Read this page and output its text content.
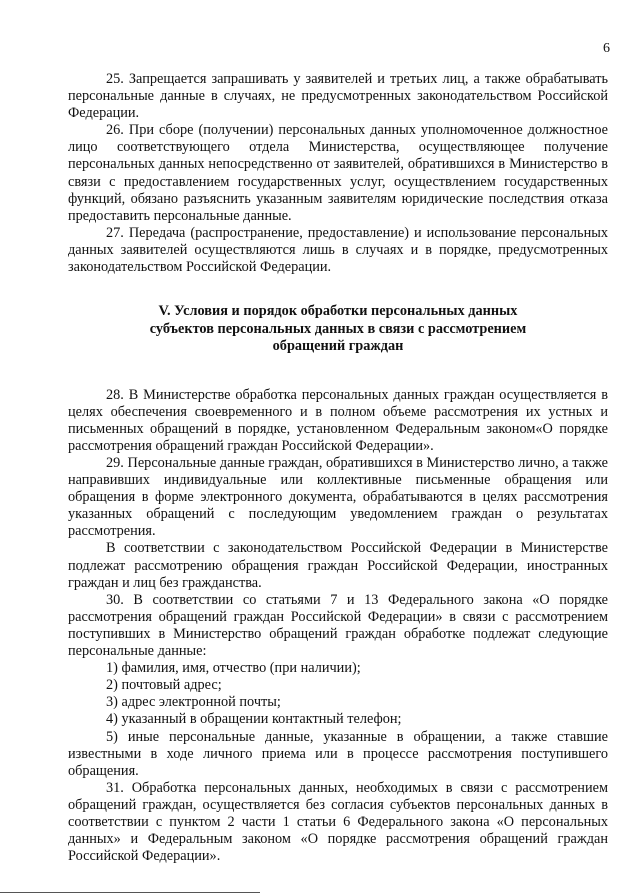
6

25. Запрещается запрашивать у заявителей и третьих лиц, а также обрабатывать персональные данные в случаях, не предусмотренных законодательством Российской Федерации.

26. При сборе (получении) персональных данных уполномоченное должностное лицо соответствующего отдела Министерства, осуществляющее получение персональных данных непосредственно от заявителей, обратившихся в Министерство в связи с предоставлением государственных услуг, осуществлением государственных функций, обязано разъяснить указанным заявителям юридические последствия отказа предоставить персональные данные.

27. Передача (распространение, предоставление) и использование персональных данных заявителей осуществляются лишь в случаях и в порядке, предусмотренных законодательством Российской Федерации.

V. Условия и порядок обработки персональных данных
субъектов персональных данных в связи с рассмотрением
обращений граждан

28. В Министерстве обработка персональных данных граждан осуществляется в целях обеспечения своевременного и в полном объеме рассмотрения их устных и письменных обращений в порядке, установленном Федеральным законом«О порядке рассмотрения обращений граждан Российской Федерации».

29. Персональные данные граждан, обратившихся в Министерство лично, а также направивших индивидуальные или коллективные письменные обращения или обращения в форме электронного документа, обрабатываются в целях рассмотрения указанных обращений с последующим уведомлением граждан о результатах рассмотрения.

В соответствии с законодательством Российской Федерации в Министерстве подлежат рассмотрению обращения граждан Российской Федерации, иностранных граждан и лиц без гражданства.

30. В соответствии со статьями 7 и 13 Федерального закона «О порядке рассмотрения обращений граждан Российской Федерации» в связи с рассмотрением поступивших в Министерство обращений граждан обработке подлежат следующие персональные данные:

1) фамилия, имя, отчество (при наличии);

2) почтовый адрес;

3) адрес электронной почты;

4) указанный в обращении контактный телефон;

5) иные персональные данные, указанные в обращении, а также ставшие известными в ходе личного приема или в процессе рассмотрения поступившего обращения.

31. Обработка персональных данных, необходимых в связи с рассмотрением обращений граждан, осуществляется без согласия субъектов персональных данных в соответствии с пунктом 2 части 1 статьи 6 Федерального закона «О персональных данных» и Федеральным законом «О порядке рассмотрения обращений граждан Российской Федерации».
